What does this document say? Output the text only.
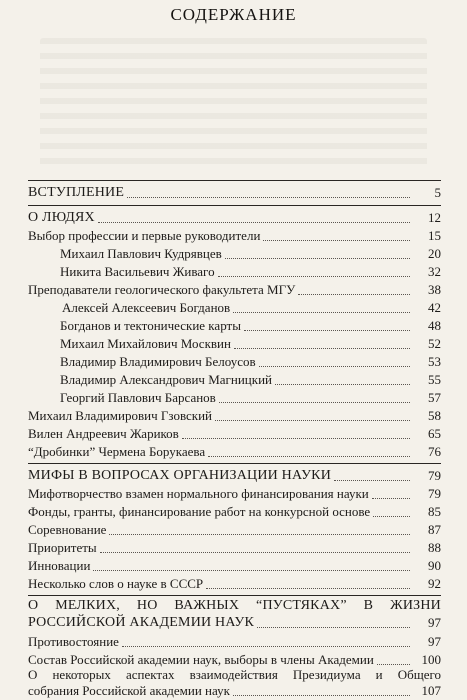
СОДЕРЖАНИЕ
ВСТУПЛЕНИЕ	5
О ЛЮДЯХ	12
Выбор профессии и первые руководители	15
Михаил Павлович Кудрявцев	20
Никита Васильевич Живаго	32
Преподаватели геологического факультета МГУ	38
Алексей Алексеевич Богданов	42
Богданов и тектонические карты	48
Михаил Михайлович Москвин	52
Владимир Владимирович Белоусов	53
Владимир Александрович Магницкий	55
Георгий Павлович Барсанов	57
Михаил Владимирович Гзовский	58
Вилен Андреевич Жариков	65
“Дробинки” Чермена Борукаева	76
МИФЫ В ВОПРОСАХ ОРГАНИЗАЦИИ НАУКИ	79
Мифотворчество взамен нормального финансирования науки	79
Фонды, гранты, финансирование работ на конкурсной основе	85
Соревнование	87
Приоритеты	88
Инновации	90
Несколько слов о науке в СССР	92
О МЕЛКИХ, НО ВАЖНЫХ “ПУСТЯКАХ” В ЖИЗНИ
РОССИЙСКОЙ АКАДЕМИИ НАУК	97
Противостояние	97
Состав Российской академии наук, выборы в члены Академии	100
О некоторых аспектах взаимодействия Президиума и Общего
собрания Российской академии наук	107
